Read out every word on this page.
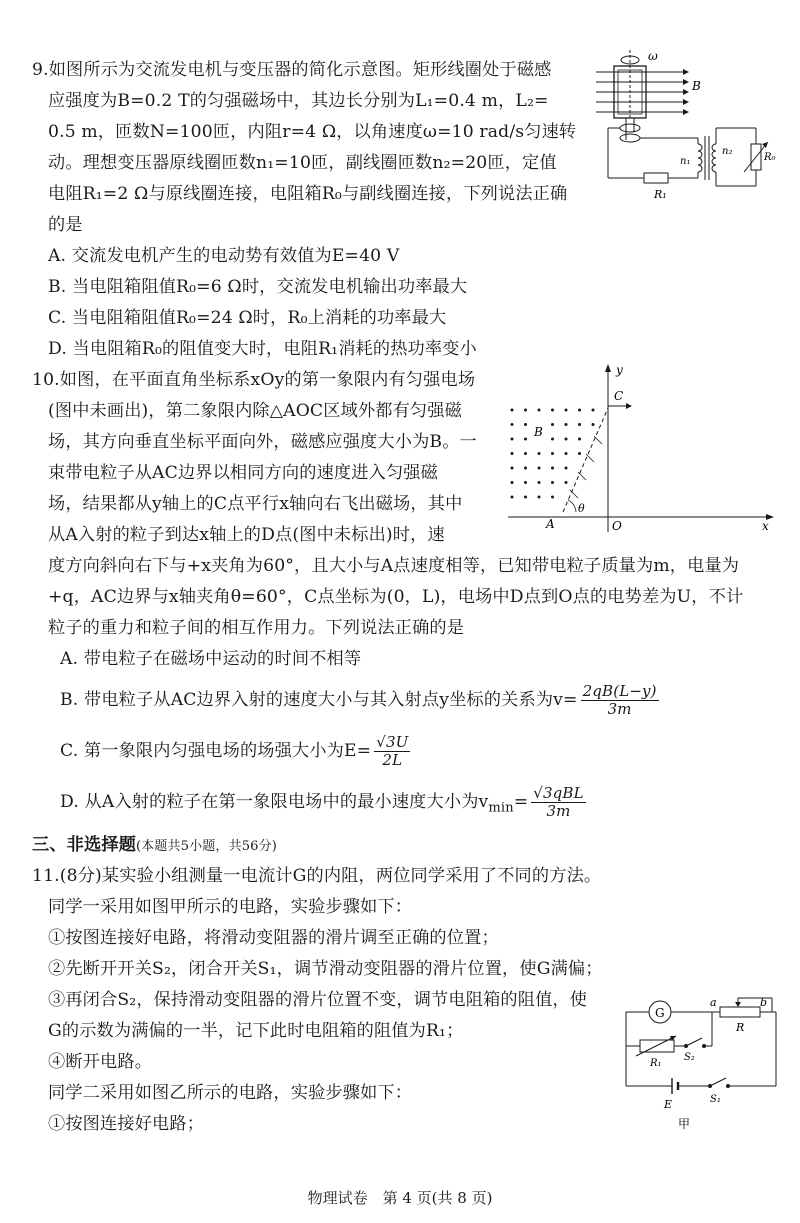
9.如图所示为交流发电机与变压器的简化示意图。矩形线圈处于磁感
应强度为B=0.2 T的匀强磁场中，其边长分别为L₁=0.4 m，L₂=
0.5 m，匝数N=100匝，内阻r=4 Ω，以角速度ω=10 rad/s匀速转
动。理想变压器原线圈匝数n₁=10匝，副线圈匝数n₂=20匝，定值
电阻R₁=2 Ω与原线圈连接，电阻箱R₀与副线圈连接，下列说法正确
的是
A. 交流发电机产生的电动势有效值为E=40 V
B. 当电阻箱阻值R₀=6 Ω时，交流发电机输出功率最大
C. 当电阻箱阻值R₀=24 Ω时，R₀上消耗的功率最大
D. 当电阻箱R₀的阻值变大时，电阻R₁消耗的热功率变小
ω
B
R₁
n₁
n₂
R₀
10.如图，在平面直角坐标系xOy的第一象限内有匀强电场
(图中未画出)，第二象限内除△AOC区域外都有匀强磁
场，其方向垂直坐标平面向外，磁感应强度大小为B。一
束带电粒子从AC边界以相同方向的速度进入匀强磁
场，结果都从y轴上的C点平行x轴向右飞出磁场，其中
从A入射的粒子到达x轴上的D点(图中未标出)时，速
度方向斜向右下与+x夹角为60°，且大小与A点速度相等，已知带电粒子质量为m，电量为
+q，AC边界与x轴夹角θ=60°，C点坐标为(0，L)，电场中D点到O点的电势差为U，不计
粒子的重力和粒子间的相互作用力。下列说法正确的是
A. 带电粒子在磁场中运动的时间不相等
B. 带电粒子从AC边界入射的速度大小与其入射点y坐标的关系为$v= \frac{2qB(L-y)}{3m}$
C. 第一象限内匀强电场的场强大小为$E= \frac{√3U}{2L}$
D. 从A入射的粒子在第一象限电场中的最小速度大小为$v_{min}= \frac{\text{√3qBL}}{3m}$
y
x
C
θ
A	O
B
三、非选择题(本题共5小题，共56分)
11.(8分)某实验小组测量一电流计G的内阻，两位同学采用了不同的方法。
同学一采用如图甲所示的电路，实验步骤如下：
①按图连接好电路，将滑动变阻器的滑片调至正确的位置；
②先断开开关S₂，闭合开关S₁，调节滑动变阻器的滑片位置，使G满偏；
③再闭合S₂，保持滑动变阻器的滑片位置不变，调节电阻箱的阻值，使
G的示数为满偏的一半，记下此时电阻箱的阻值为R₁；
④断开电路。
同学二采用如图乙所示的电路，实验步骤如下：
①按图连接好电路；
G
R₁
S₂
a
R
b
E	S₁
甲
物理试卷　第 4 页(共 8 页)
